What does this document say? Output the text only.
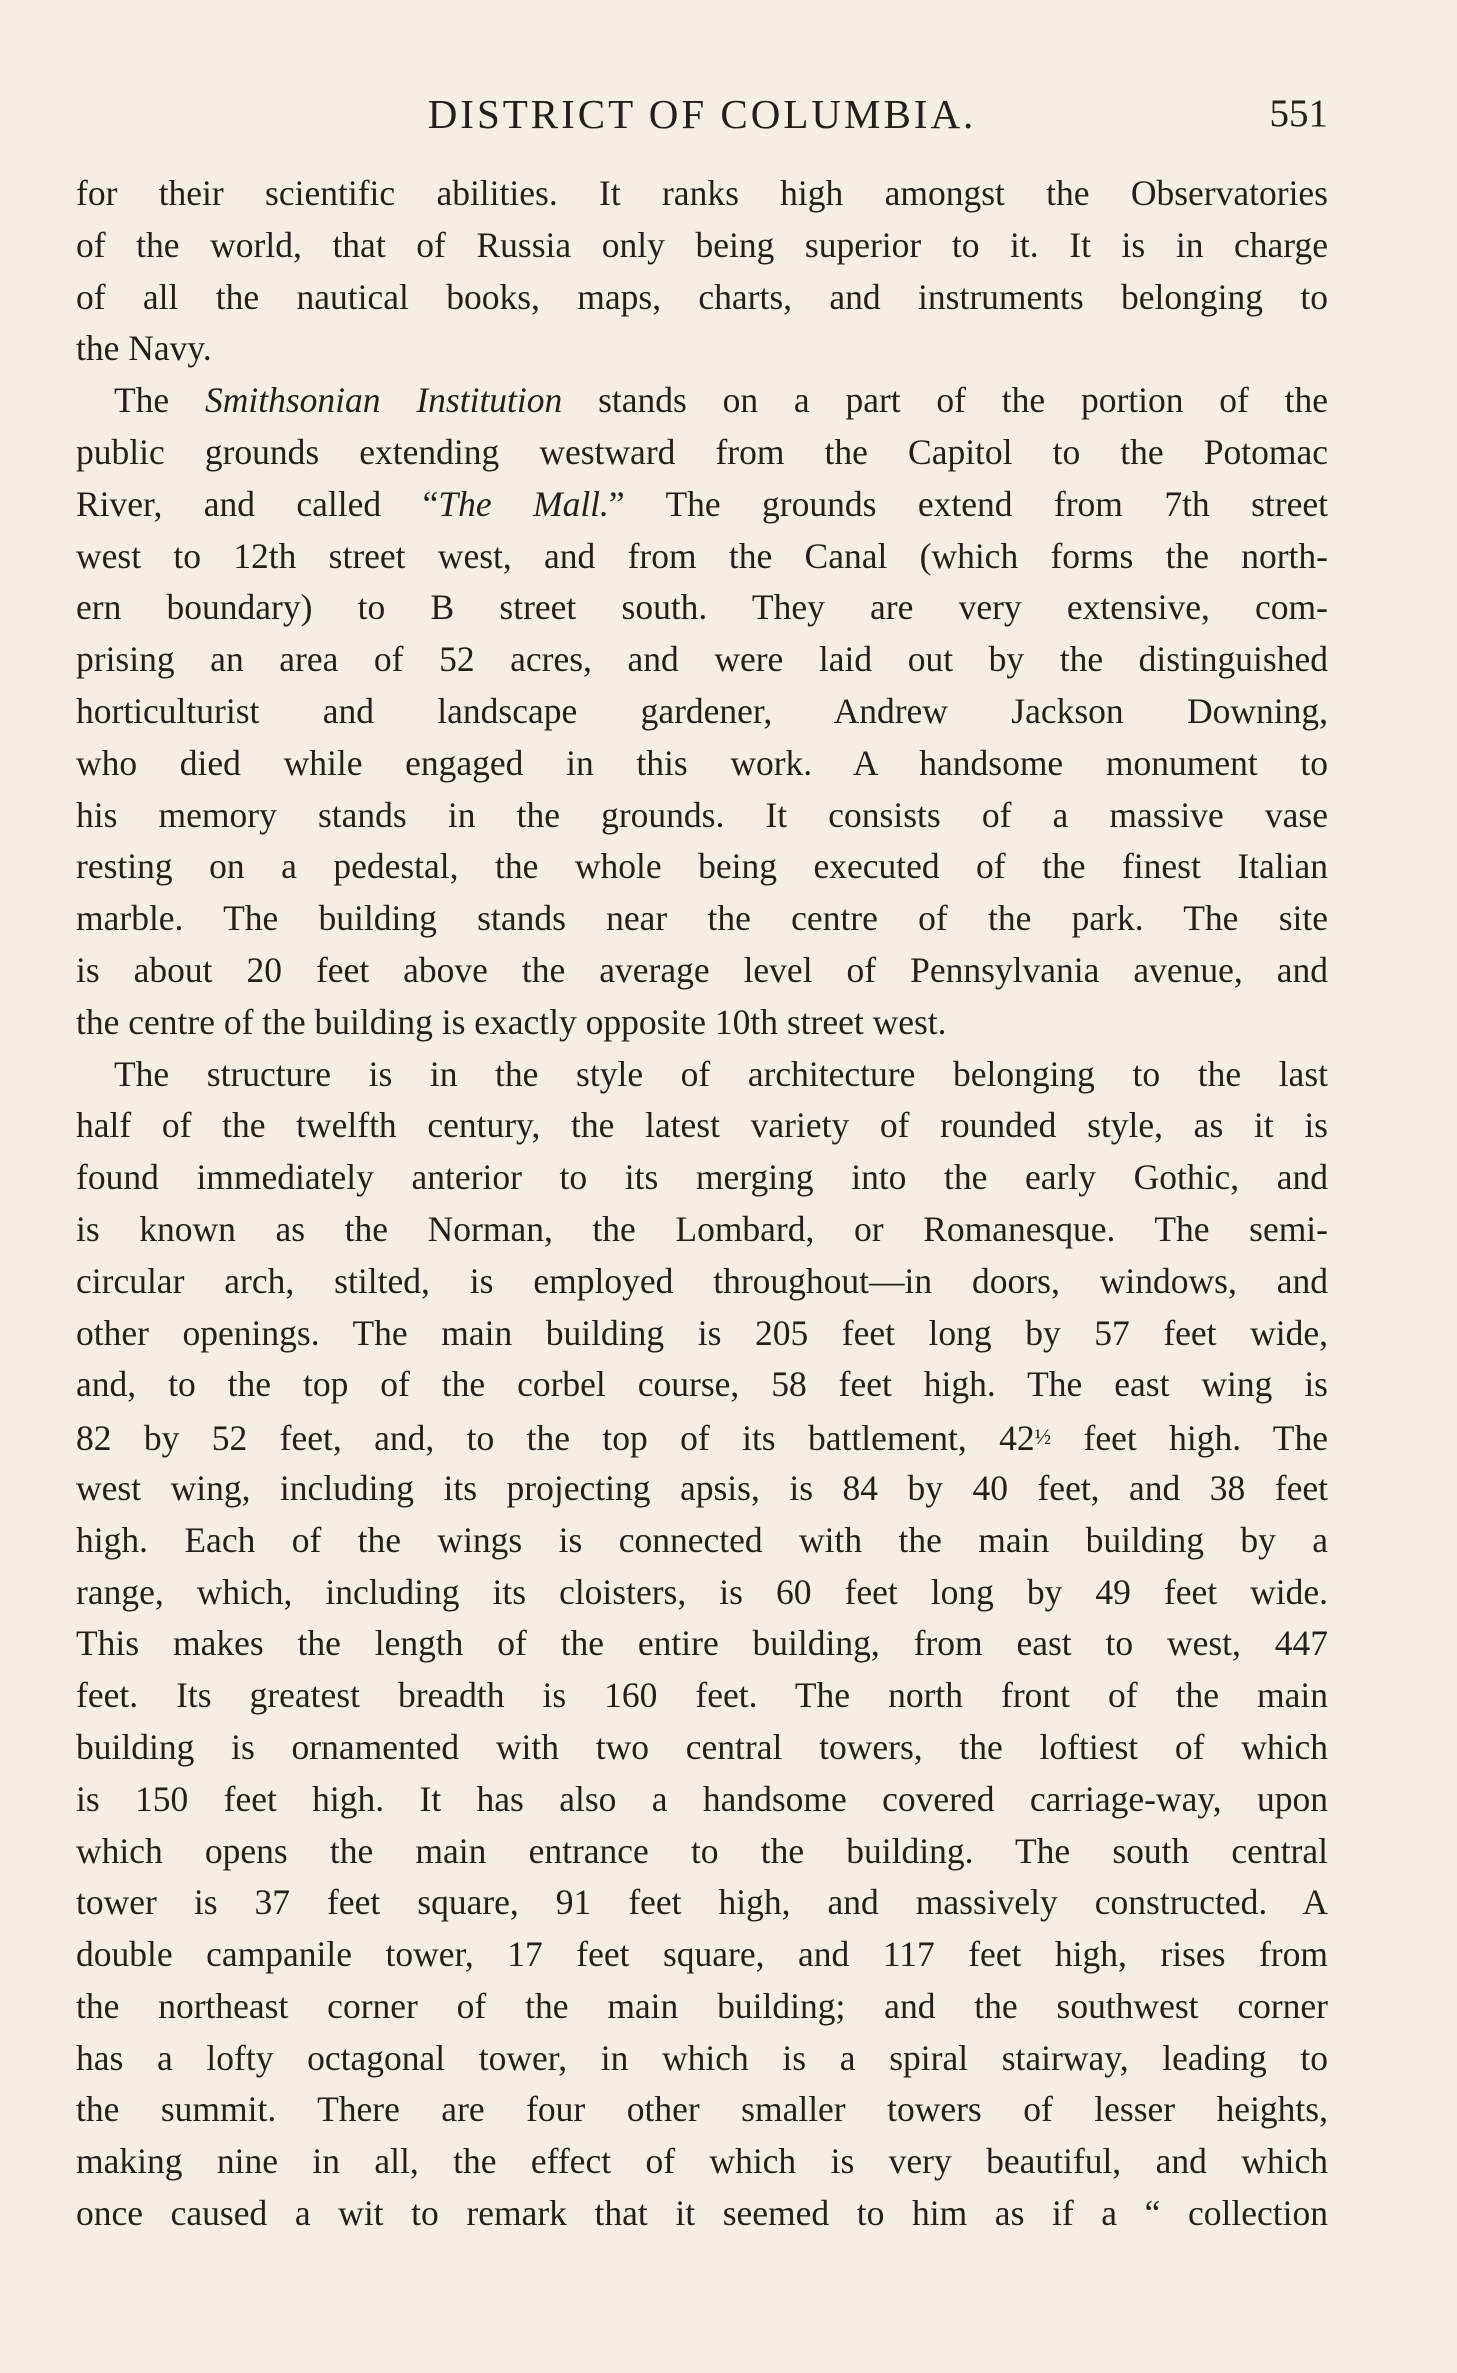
DISTRICT OF COLUMBIA.	551
for their scientific abilities. It ranks high amongst the Observatories
of the world, that of Russia only being superior to it. It is in charge
of all the nautical books, maps, charts, and instruments belonging to
the Navy.
The Smithsonian Institution stands on a part of the portion of the
public grounds extending westward from the Capitol to the Potomac
River, and called “The Mall.” The grounds extend from 7th street
west to 12th street west, and from the Canal (which forms the north-
ern boundary) to B street south. They are very extensive, com-
prising an area of 52 acres, and were laid out by the distinguished
horticulturist and landscape gardener, Andrew Jackson Downing,
who died while engaged in this work. A handsome monument to
his memory stands in the grounds. It consists of a massive vase
resting on a pedestal, the whole being executed of the finest Italian
marble. The building stands near the centre of the park. The site
is about 20 feet above the average level of Pennsylvania avenue, and
the centre of the building is exactly opposite 10th street west.
The structure is in the style of architecture belonging to the last
half of the twelfth century, the latest variety of rounded style, as it is
found immediately anterior to its merging into the early Gothic, and
is known as the Norman, the Lombard, or Romanesque. The semi-
circular arch, stilted, is employed throughout—in doors, windows, and
other openings. The main building is 205 feet long by 57 feet wide,
and, to the top of the corbel course, 58 feet high. The east wing is
82 by 52 feet, and, to the top of its battlement, 42½ feet high. The
west wing, including its projecting apsis, is 84 by 40 feet, and 38 feet
high. Each of the wings is connected with the main building by a
range, which, including its cloisters, is 60 feet long by 49 feet wide.
This makes the length of the entire building, from east to west, 447
feet. Its greatest breadth is 160 feet. The north front of the main
building is ornamented with two central towers, the loftiest of which
is 150 feet high. It has also a handsome covered carriage-way, upon
which opens the main entrance to the building. The south central
tower is 37 feet square, 91 feet high, and massively constructed. A
double campanile tower, 17 feet square, and 117 feet high, rises from
the northeast corner of the main building; and the southwest corner
has a lofty octagonal tower, in which is a spiral stairway, leading to
the summit. There are four other smaller towers of lesser heights,
making nine in all, the effect of which is very beautiful, and which
once caused a wit to remark that it seemed to him as if a “ collection
